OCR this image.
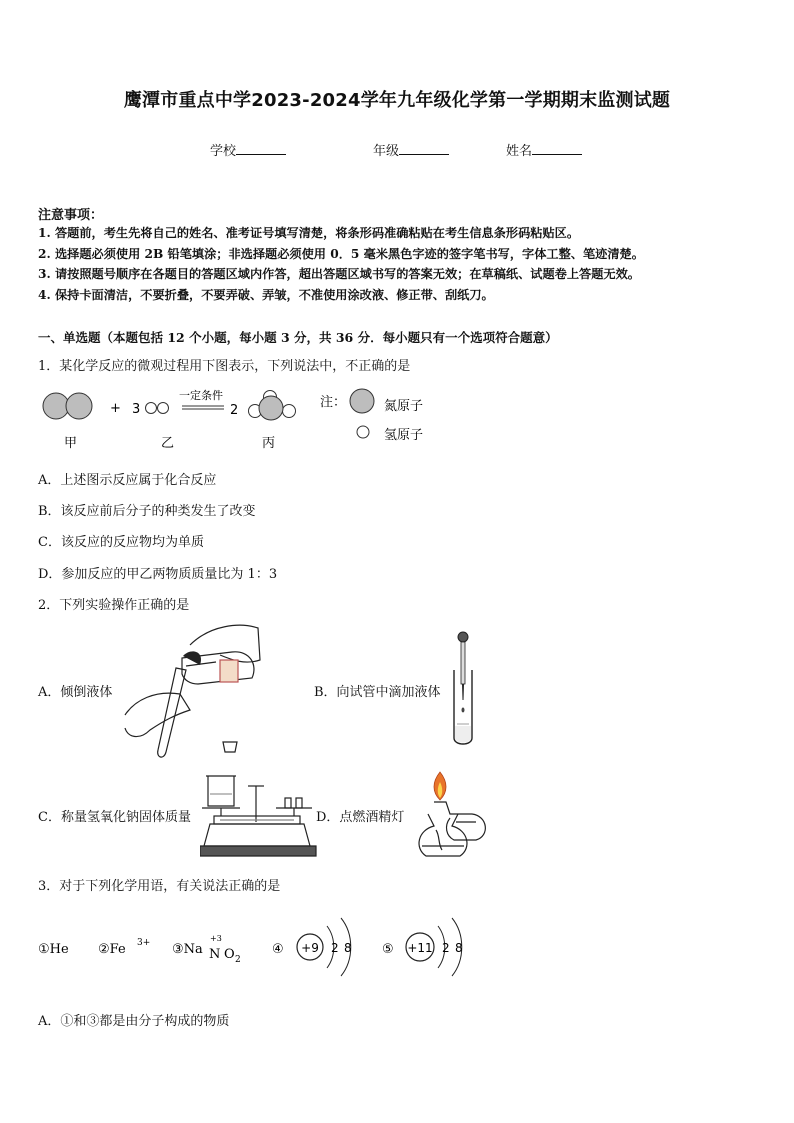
鹰潭市重点中学2023-2024学年九年级化学第一学期期末监测试题
学校	年级	姓名
注意事项：
1. 答题前，考生先将自己的姓名、准考证号填写清楚，将条形码准确粘贴在考生信息条形码粘贴区。
2. 选择题必须使用 2B 铅笔填涂；非选择题必须使用 0．5 毫米黑色字迹的签字笔书写，字体工整、笔迹清楚。
3. 请按照题号顺序在各题目的答题区域内作答，超出答题区域书写的答案无效；在草稿纸、试题卷上答题无效。
4. 保持卡面清洁，不要折叠，不要弄破、弄皱，不准使用涂改液、修正带、刮纸刀。
一、单选题（本题包括 12 个小题，每小题 3 分，共 36 分．每小题只有一个选项符合题意）
1．某化学反应的微观过程用下图表示，下列说法中，不正确的是
+ 3
一定条件
2
甲	乙	丙
注：	氮原子
氢原子
A．上述图示反应属于化合反应
B．该反应前后分子的种类发生了改变
C．该反应的反应物均为单质
D．参加反应的甲乙两物质质量比为 1：3
2．下列实验操作正确的是
A．倾倒液体	B．向试管中滴加液体
C．称量氢氧化钠固体质量	D．点燃酒精灯
3．对于下列化学用语，有关说法正确的是
①He ②Fe 3+ ③Na
+3
N O 2
④ +9 2 8 ⑤ +11 2 8
A．①和③都是由分子构成的物质
